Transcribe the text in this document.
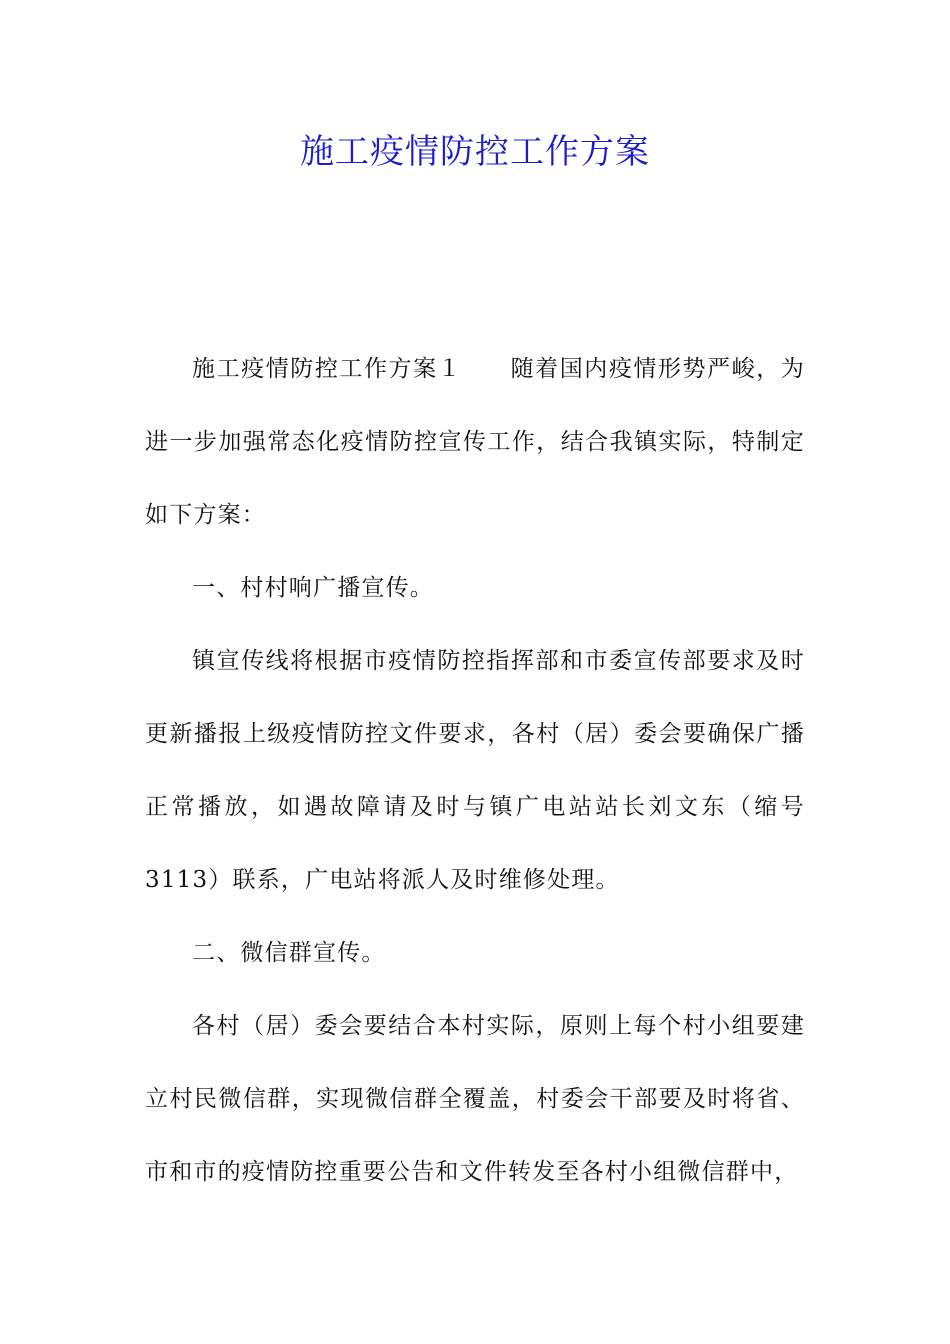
施工疫情防控工作方案

施工疫情防控工作方案１ 随着国内疫情形势严峻，为进一步加强常态化疫情防控宣传工作，结合我镇实际，特制定如下方案：

一、村村响广播宣传。

镇宣传线将根据市疫情防控指挥部和市委宣传部要求及时更新播报上级疫情防控文件要求，各村（居）委会要确保广播正常播放，如遇故障请及时与镇广电站站长刘文东（缩号3113）联系，广电站将派人及时维修处理。

二、微信群宣传。

各村（居）委会要结合本村实际，原则上每个村小组要建立村民微信群，实现微信群全覆盖，村委会干部要及时将省、市和市的疫情防控重要公告和文件转发至各村小组微信群中，
